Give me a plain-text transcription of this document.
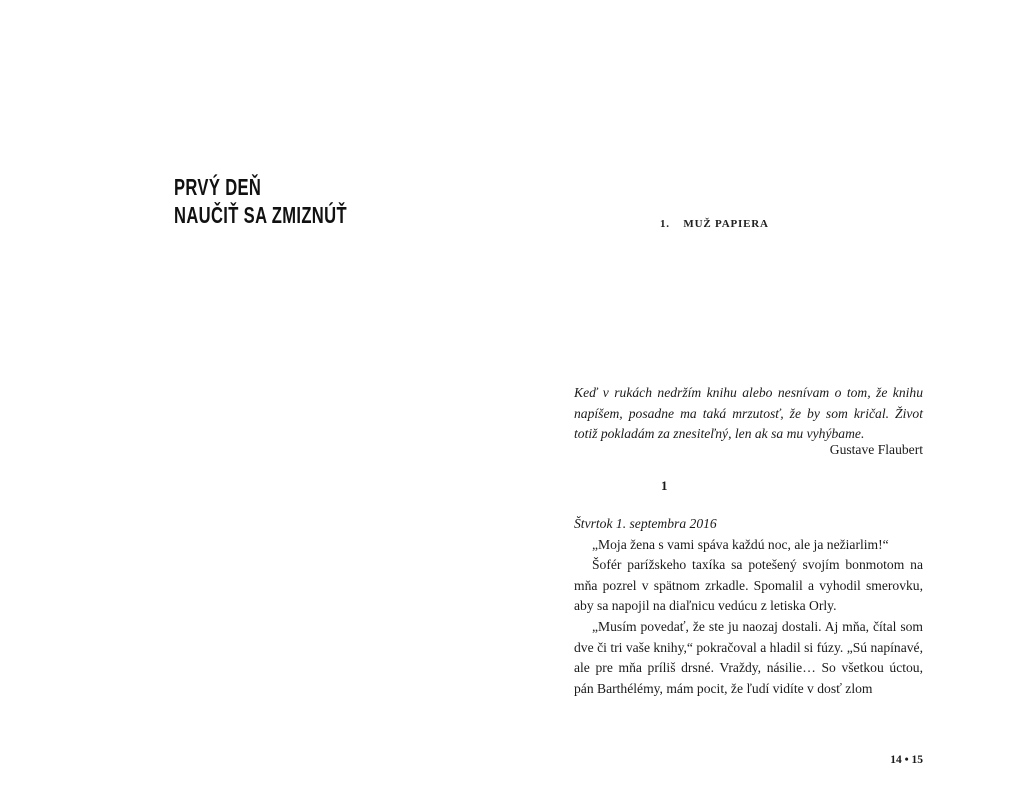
PRVÝ DEŇ
NAUČIŤ SA ZMIZNÚŤ	1. MUŽ PAPIERA
Keď v rukách nedržím knihu alebo nesnívam o tom, že knihu napíšem, posadne ma taká mrzutosť, že by som kričal. Život totiž pokladám za znesiteľný, len ak sa mu vyhýbame.
Gustave Flaubert
1

Štvrtok 1. septembra 2016

„Moja žena s vami spáva každú noc, ale ja nežiarlim!“

Šofér parížskeho taxíka sa potešený svojím bonmotom na mňa pozrel v spätnom zrkadle. Spomalil a vyhodil smerovku, aby sa napojil na diaľnicu vedúcu z letiska Orly.

„Musím povedať, že ste ju naozaj dostali. Aj mňa, čítal som dve či tri vaše knihy,“ pokračoval a hladil si fúzy. „Sú napínavé, ale pre mňa príliš drsné. Vraždy, násilie… So všetkou úctou, pán Barthélémy, mám pocit, že ľudí vidíte v dosť zlom

14 • 15
